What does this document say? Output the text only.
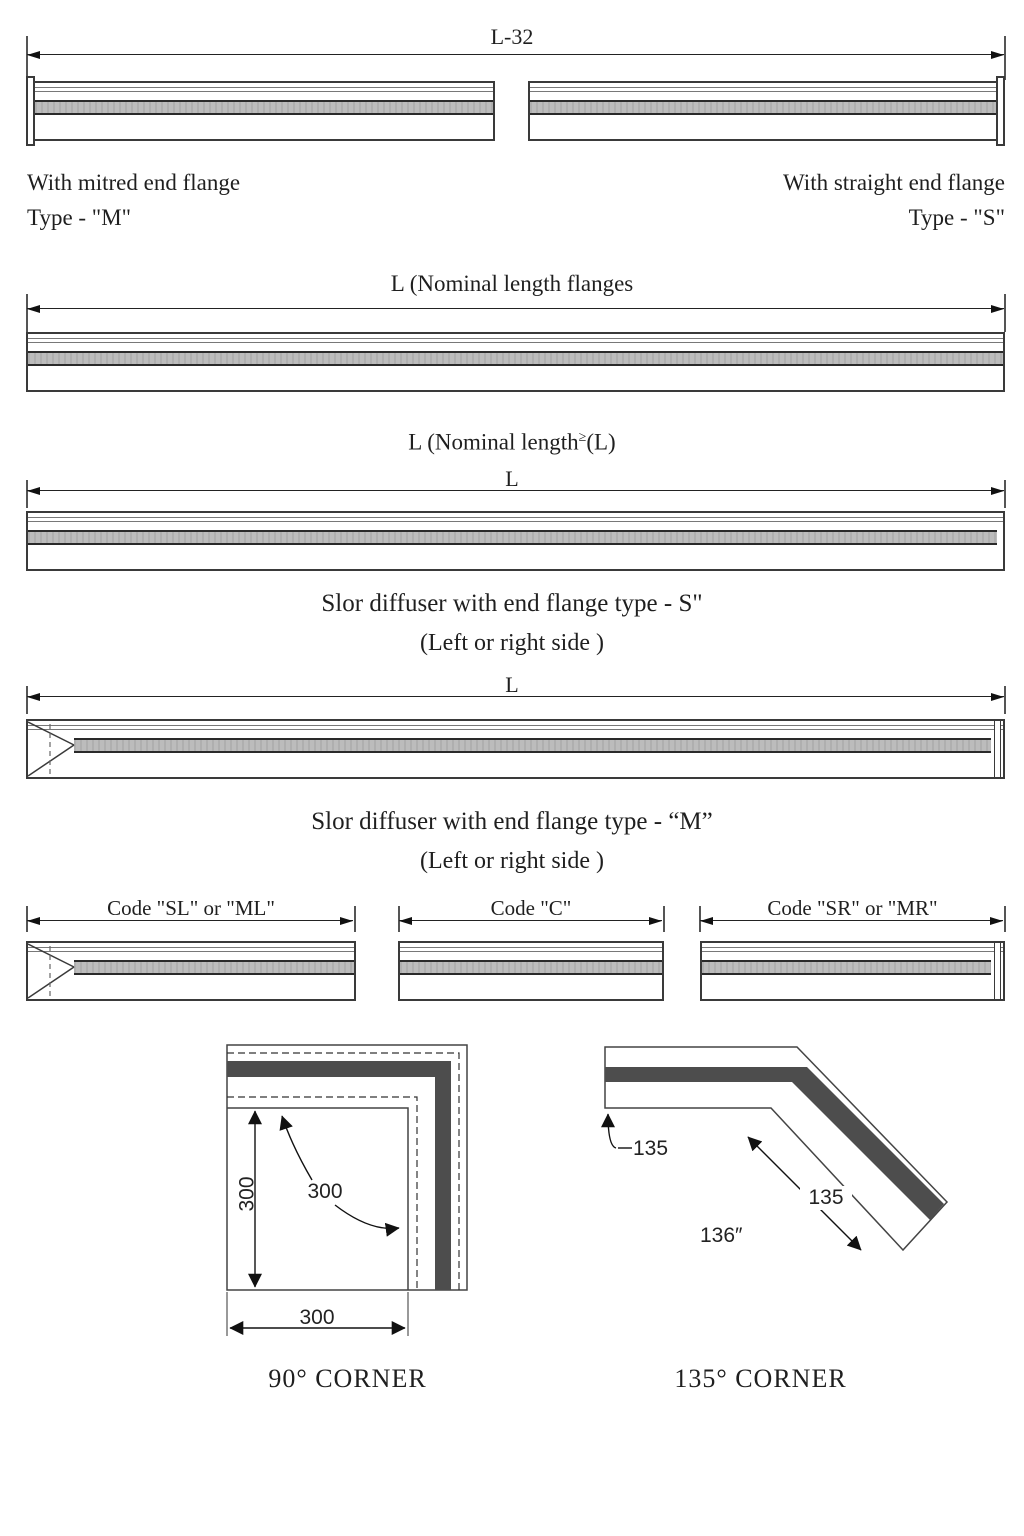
L-32
With mitred end flange
Type - "M"
With straight end flange
Type - "S"
L (Nominal length flanges
L (Nominal length≥(L)
L
Slor diffuser with end flange type - S"
(Left or right side )
L
Slor diffuser with end flange type - “M”
(Left or right side )
Code "SL" or "ML"	Code "C"	Code "SR" or "MR"
300	300
300
90° CORNER
135
135
136″
135° CORNER
